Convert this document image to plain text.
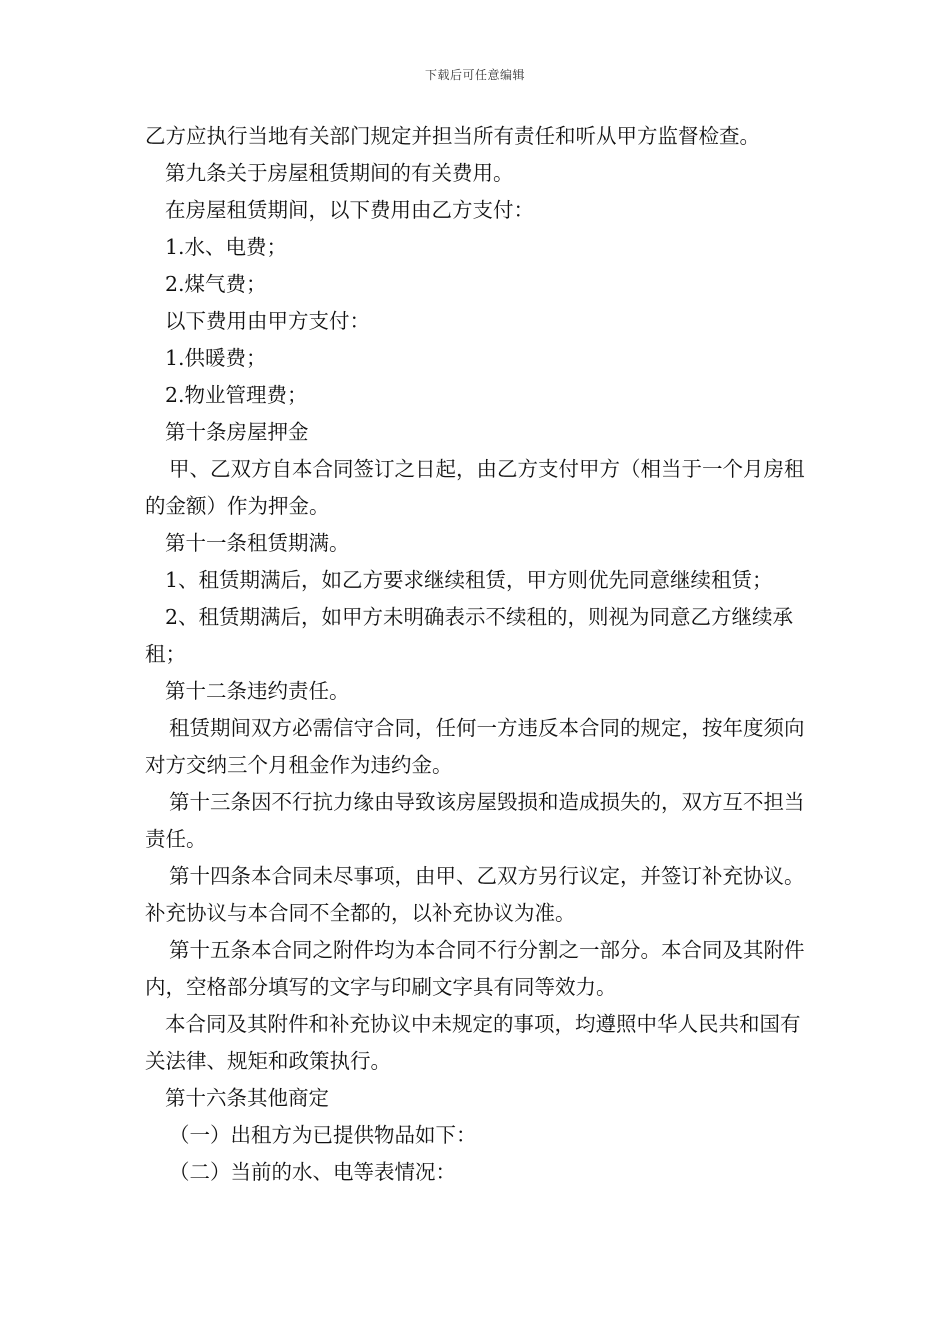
下载后可任意编辑

乙方应执行当地有关部门规定并担当所有责任和听从甲方监督检查。

第九条关于房屋租赁期间的有关费用。

在房屋租赁期间，以下费用由乙方支付：

1.水、电费；

2.煤气费；

以下费用由甲方支付：

1.供暖费；

2.物业管理费；

第十条房屋押金

甲、乙双方自本合同签订之日起，由乙方支付甲方（相当于一个月房租的金额）作为押金。

第十一条租赁期满。

1、租赁期满后，如乙方要求继续租赁，甲方则优先同意继续租赁；

2、租赁期满后，如甲方未明确表示不续租的，则视为同意乙方继续承租；

第十二条违约责任。

租赁期间双方必需信守合同，任何一方违反本合同的规定，按年度须向对方交纳三个月租金作为违约金。

第十三条因不行抗力缘由导致该房屋毁损和造成损失的，双方互不担当责任。

第十四条本合同未尽事项，由甲、乙双方另行议定，并签订补充协议。补充协议与本合同不全都的，以补充协议为准。

第十五条本合同之附件均为本合同不行分割之一部分。本合同及其附件内，空格部分填写的文字与印刷文字具有同等效力。

本合同及其附件和补充协议中未规定的事项，均遵照中华人民共和国有关法律、规矩和政策执行。

第十六条其他商定

（一）出租方为已提供物品如下：

（二）当前的水、电等表情况：
